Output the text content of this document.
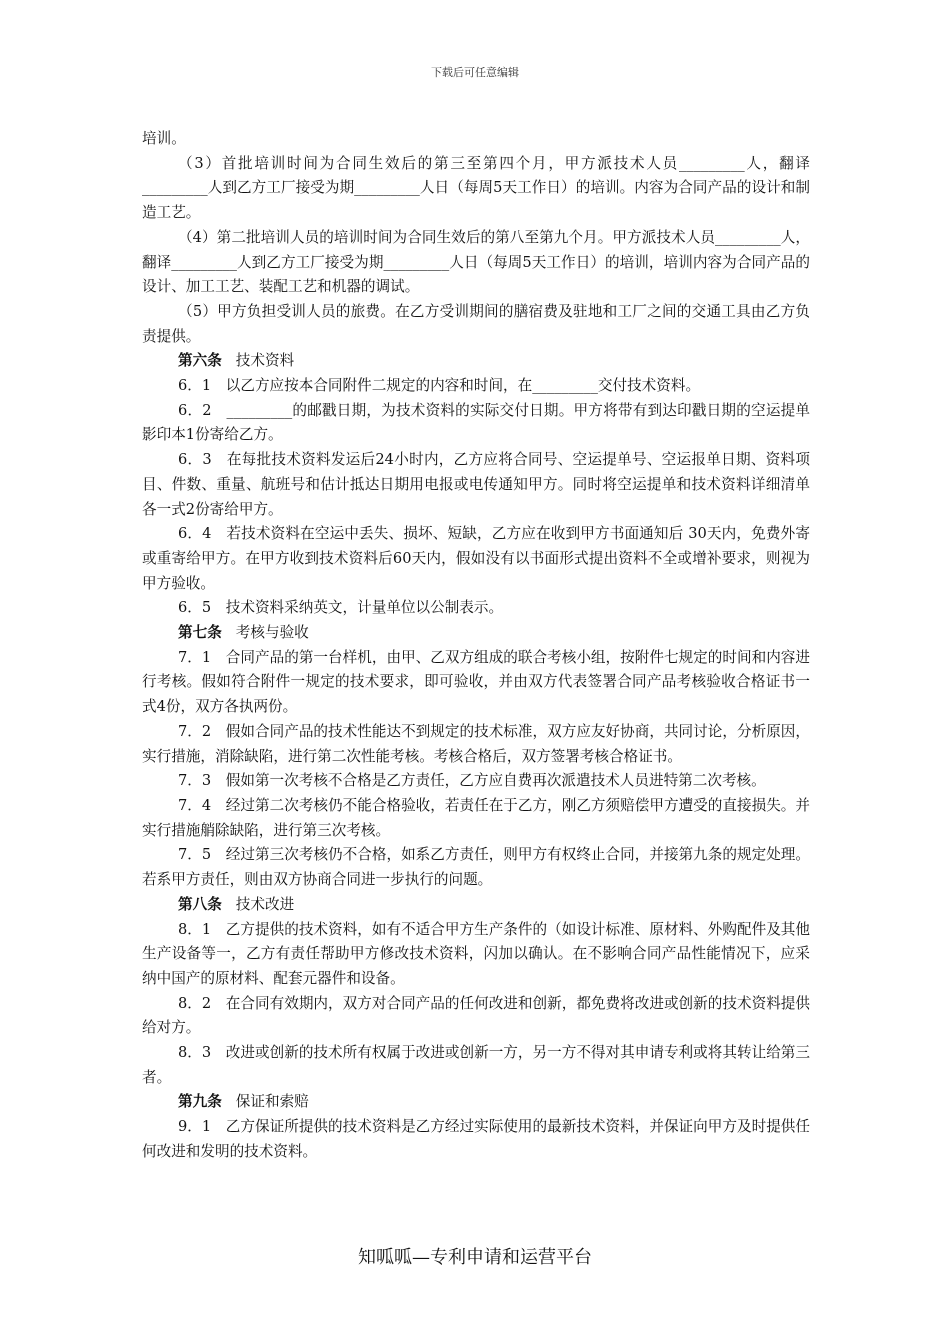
下载后可任意编辑

培训。

（3）首批培训时间为合同生效后的第三至第四个月，甲方派技术人员_________人，翻译_________人到乙方工厂接受为期_________人日（每周5天工作日）的培训。内容为合同产品的设计和制造工艺。

（4）第二批培训人员的培训时间为合同生效后的第八至第九个月。甲方派技术人员_________人，翻译_________人到乙方工厂接受为期_________人日（每周5天工作日）的培训，培训内容为合同产品的设计、加工工艺、装配工艺和机器的调试。

（5）甲方负担受训人员的旅费。在乙方受训期间的膳宿费及驻地和工厂之间的交通工具由乙方负责提供。

第六条 技术资料

6．1　以乙方应按本合同附件二规定的内容和时间，在_________交付技术资料。

6．2　_________的邮戳日期，为技术资料的实际交付日期。甲方将带有到达印戳日期的空运提单影印本1份寄给乙方。

6．3　在每批技术资料发运后24小时内，乙方应将合同号、空运提单号、空运报单日期、资料项目、件数、重量、航班号和估计抵达日期用电报或电传通知甲方。同时将空运提单和技术资料详细清单各一式2份寄给甲方。

6．4　若技术资料在空运中丢失、损坏、短缺，乙方应在收到甲方书面通知后 30天内，免费外寄或重寄给甲方。在甲方收到技术资料后60天内，假如没有以书面形式提出资料不全或增补要求，则视为甲方验收。

6．5　技术资料采纳英文，计量单位以公制表示。

第七条 考核与验收

7．1　合同产品的第一台样机，由甲、乙双方组成的联合考核小组，按附件七规定的时间和内容进行考核。假如符合附件一规定的技术要求，即可验收，并由双方代表签署合同产品考核验收合格证书一式4份，双方各执两份。

7．2　假如合同产品的技术性能达不到规定的技术标准，双方应友好协商，共同讨论，分析原因，实行措施，消除缺陷，进行第二次性能考核。考核合格后，双方签署考核合格证书。

7．3　假如第一次考核不合格是乙方责任，乙方应自费再次派遣技术人员进特第二次考核。

7．4　经过第二次考核仍不能合格验收，若责任在于乙方，刚乙方须赔偿甲方遭受的直接损失。并实行措施艄除缺陷，进行第三次考核。

7．5　经过第三次考核仍不合格，如系乙方责任，则甲方有权终止合同，并接第九条的规定处理。若系甲方责任，则由双方协商合同进一步执行的问题。

第八条 技术改进

8．1　乙方提供的技术资料，如有不适合甲方生产条件的（如设计标准、原材料、外购配件及其他生产设备等一，乙方有责任帮助甲方修改技术资料，闪加以确认。在不影响合同产品性能情况下，应采纳中国产的原材料、配套元器件和设备。

8．2　在合同有效期内，双方对合同产品的任何改进和创新，都免费将改进或创新的技术资料提供给对方。

8．3　改进或创新的技术所有权属于改进或创新一方，另一方不得对其申请专利或将其转让给第三者。

第九条 保证和索赔

9．1　乙方保证所提供的技术资料是乙方经过实际使用的最新技术资料，并保证向甲方及时提供任何改进和发明的技术资料。

知呱呱—专利申请和运营平台
